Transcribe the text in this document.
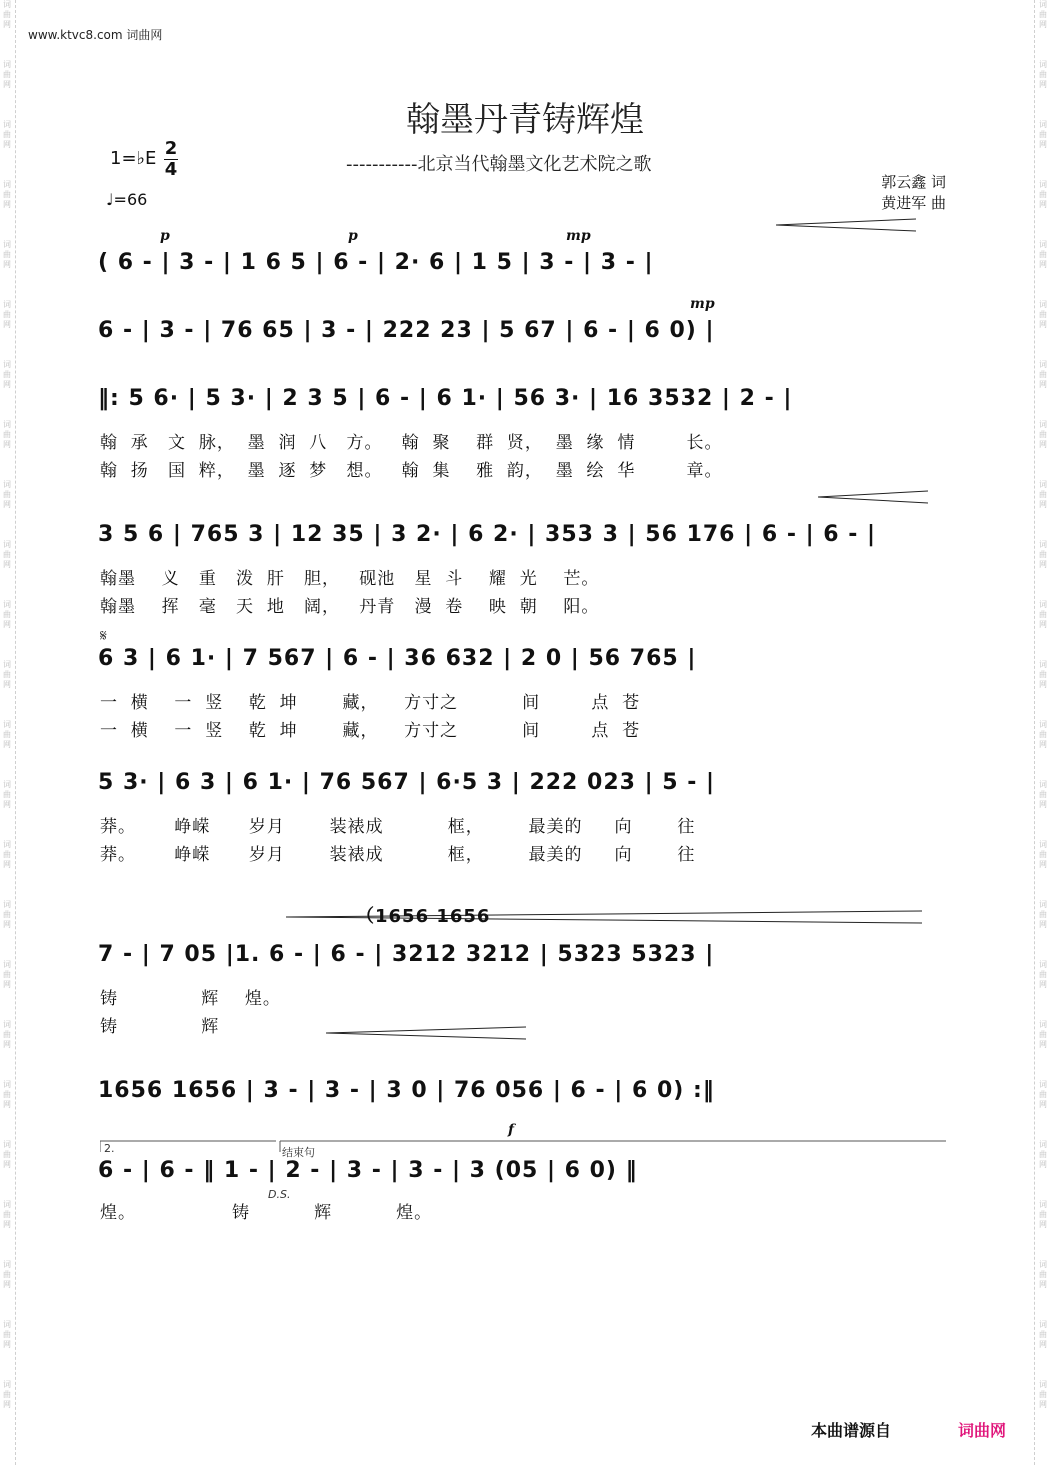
词
曲
网
词
曲
网
词
曲
网
词
曲
网
词
曲
网
词
曲
网
词
曲
网
词
曲
网
词
曲
网
词
曲
网
词
曲
网
词
曲
网
词
曲
网
词
曲
网
词
曲
网
词
曲
网
词
曲
网
词
曲
网
词
曲
网
词
曲
网
词
曲
网
词
曲
网
词
曲
网
词
曲
网
词
曲
网
词
曲
网
词
曲
网
词
曲
网
词
曲
网
词
曲
网
词
曲
网
词
曲
网
词
曲
网
词
曲
网
词
曲
网
词
曲
网
词
曲
网
词
曲
网
词
曲
网
词
曲
网
词
曲
网
词
曲
网
词
曲
网
词
曲
网
词
曲
网
词
曲
网
词
曲
网
词
曲
网
www.ktvc8.com 词曲网
翰墨丹青铸辉煌
-----------北京当代翰墨文化艺术院之歌
1=♭E 2
4
♩=66
郭云鑫 词
黄进军 曲
p	p	mp
mp
f
( 6 - | 3 - | 1 6 5 | 6 - | 2· 6 | 1 5 | 3 - | 3 - |
6 - | 3 - | 76 65 | 3 - | 222 23 | 5 67 | 6 - | 6 0) |
‖: 5 6· | 5 3· | 2 3 5 | 6 - | 6 1· | 56 3· | 16 3532 | 2 - |
翰  承   文  脉，  墨  润  八   方。   翰  聚    群  贤，  墨  缘  情        长。
翰  扬   国  粹，  墨  逐  梦   想。   翰  集    雅  韵，  墨  绘  华        章。
3 5 6 | 765 3 | 12 35 | 3 2· | 6 2· | 353 3 | 56 176 | 6 - | 6 - |
翰墨    义   重   泼  肝   胆，   砚池   星  斗    耀  光    芒。
翰墨    挥   毫   天  地   阔，   丹青   漫  卷    映  朝    阳。
𝄋
6 3 | 6 1· | 7 567 | 6 - | 36 632 | 2 0 | 56 765 |
一  横    一  竖    乾  坤       藏，    方寸之          间        点  苍
一  横    一  竖    乾  坤       藏，    方寸之          间        点  苍
5 3· | 6 3 | 6 1· | 76 567 | 6·5 3 | 222 023 | 5 - |
莽。      峥嵘      岁月       装裱成          框，       最美的     向       往
莽。      峥嵘      岁月       装裱成          框，       最美的     向       往
（1656 1656
7 - | 7 05 |1. 6 - | 6 - | 3212 3212 | 5323 5323 |
铸             辉    煌。
铸             辉
1656 1656 | 3 - | 3 - | 3 0 | 76 056 | 6 - | 6 0) :‖
2.	结束句
D.S.
6 - | 6 - ‖ 1 - | 2 - | 3 - | 3 - | 3 (05 | 6 0) ‖
煌。               铸          辉          煌。
本曲谱源自	词曲网
